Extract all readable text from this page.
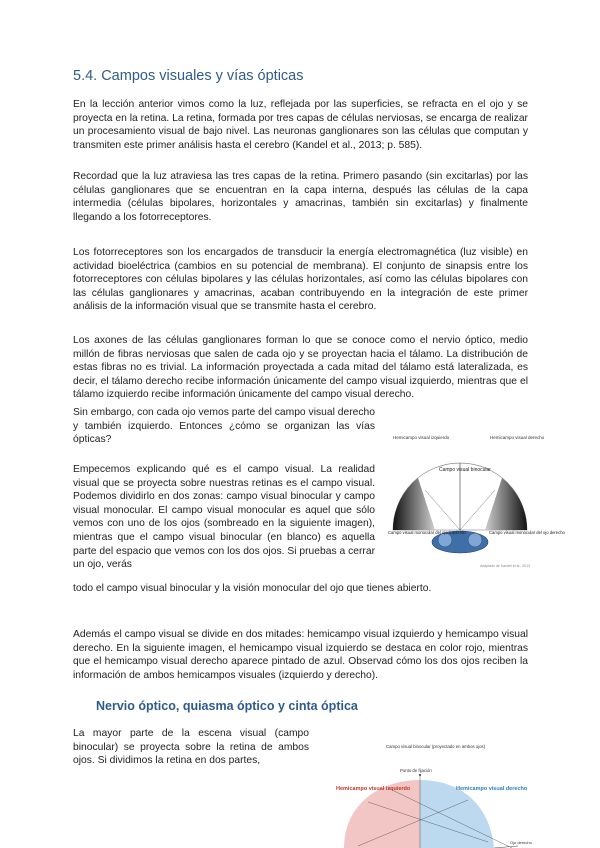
5.4. Campos visuales y vías ópticas

En la lección anterior vimos como la luz, reflejada por las superficies, se refracta en el ojo y se proyecta en la retina. La retina, formada por tres capas de células nerviosas, se encarga de realizar un procesamiento visual de bajo nivel. Las neuronas ganglionares son las células que computan y transmiten este primer análisis hasta el cerebro (Kandel et al., 2013; p. 585).

Recordad que la luz atraviesa las tres capas de la retina. Primero pasando (sin excitarlas) por las células ganglionares que se encuentran en la capa interna, después las células de la capa intermedia (células bipolares, horizontales y amacrinas, también sin excitarlas) y finalmente llegando a los fotorreceptores.

Los fotorreceptores son los encargados de transducir la energía electromagnética (luz visible) en actividad bioeléctrica (cambios en su potencial de membrana). El conjunto de sinapsis entre los fotorreceptores con células bipolares y las células horizontales, así como las células bipolares con las células ganglionares y amacrinas, acaban contribuyendo en la integración de este primer análisis de la información visual que se transmite hasta el cerebro.

Los axones de las células ganglionares forman lo que se conoce como el nervio óptico, medio millón de fibras nerviosas que salen de cada ojo y se proyectan hacia el tálamo. La distribución de estas fibras no es trivial. La información proyectada a cada mitad del tálamo está lateralizada, es decir, el tálamo derecho recibe información únicamente del campo visual izquierdo, mientras que el tálamo izquierdo recibe información únicamente del campo visual derecho.

Sin embargo, con cada ojo vemos parte del campo visual derecho y también izquierdo. Entonces ¿cómo se organizan las vías ópticas?

Empecemos explicando qué es el campo visual. La realidad visual que se proyecta sobre nuestras retinas es el campo visual. Podemos dividirlo en dos zonas: campo visual binocular y campo visual monocular. El campo visual monocular es aquel que sólo vemos con uno de los ojos (sombreado en la siguiente imagen), mientras que el campo visual binocular (en blanco) es aquella parte del espacio que vemos con los dos ojos. Si pruebas a cerrar un ojo, verás

todo el campo visual binocular y la visión monocular del ojo que tienes abierto.

Además el campo visual se divide en dos mitades: hemicampo visual izquierdo y hemicampo visual derecho. En la siguiente imagen, el hemicampo visual izquierdo se destaca en color rojo, mientras que el hemicampo visual derecho aparece pintado de azul. Observad cómo los dos ojos reciben la información de ambos hemicampos visuales (izquierdo y derecho).

Nervio óptico, quiasma óptico y cinta óptica

La mayor parte de la escena visual (campo binocular) se proyecta sobre la retina de ambos ojos. Si dividimos la retina en dos partes,

Hemicampo visual izquierdo	Hemicampo visual derecho
Campo visual binocular
Campo visual monocular del ojo izquierdo	Campo visual monocular del ojo derecho
Adaptado de Kandel et al., 2013
Campo visual binocular (proyectado en ambos ojos)
Punto de fijación
Hemicampo visual izquierdo	Hemicampo visual derecho
Ojo derecho
